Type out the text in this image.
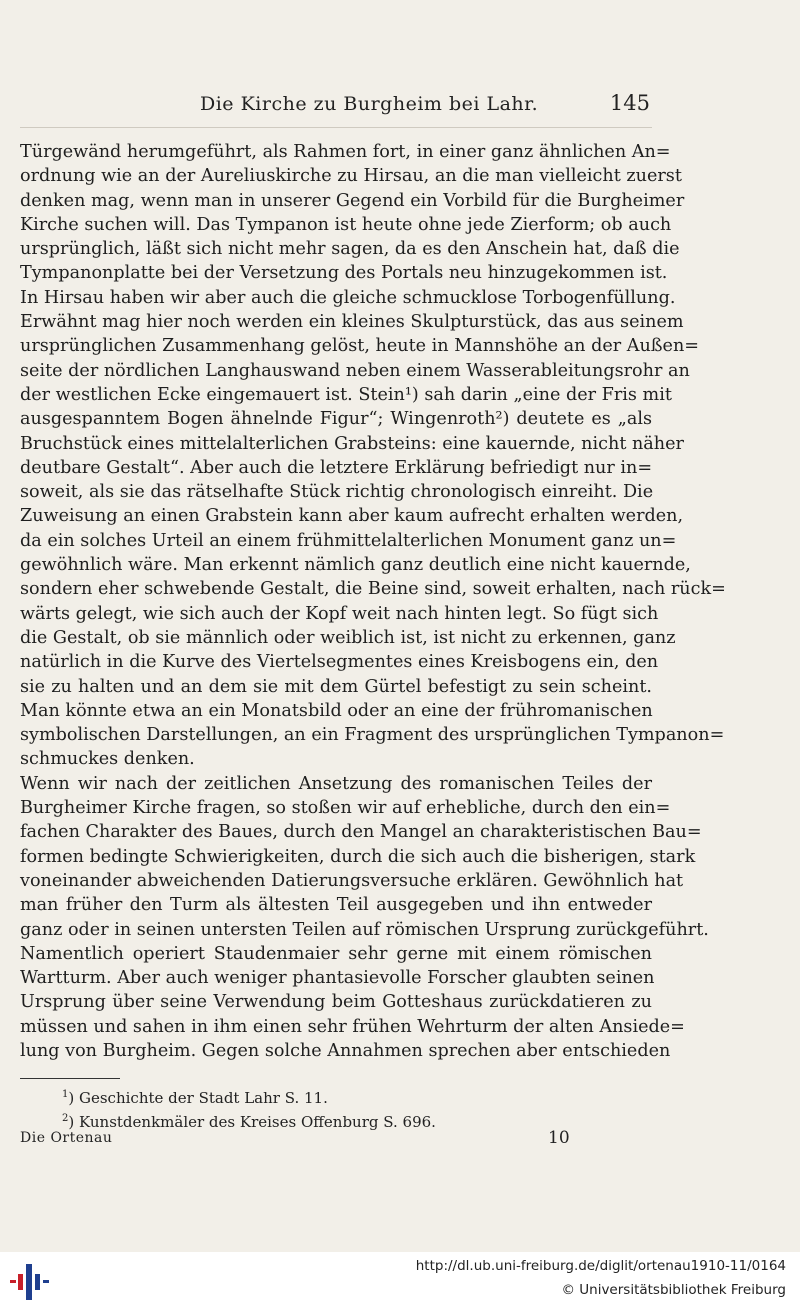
Die Kirche zu Burgheim bei Lahr.	145
Türgewänd herumgeführt, als Rahmen fort, in einer ganz ähnlichen An=
ordnung wie an der Aureliuskirche zu Hirsau, an die man vielleicht zuerst
denken mag, wenn man in unserer Gegend ein Vorbild für die Burgheimer
Kirche suchen will. Das Tympanon ist heute ohne jede Zierform; ob auch
ursprünglich, läßt sich nicht mehr sagen, da es den Anschein hat, daß die
Tympanonplatte bei der Versetzung des Portals neu hinzugekommen ist.
In Hirsau haben wir aber auch die gleiche schmucklose Torbogenfüllung.
Erwähnt mag hier noch werden ein kleines Skulpturstück, das aus seinem
ursprünglichen Zusammenhang gelöst, heute in Mannshöhe an der Außen=
seite der nördlichen Langhauswand neben einem Wasserableitungsrohr an
der westlichen Ecke eingemauert ist. Stein¹) sah darin „eine der Fris mit
ausgespanntem Bogen ähnelnde Figur“; Wingenroth²) deutete es „als
Bruchstück eines mittelalterlichen Grabsteins: eine kauernde, nicht näher
deutbare Gestalt“. Aber auch die letztere Erklärung befriedigt nur in=
soweit, als sie das rätselhafte Stück richtig chronologisch einreiht. Die
Zuweisung an einen Grabstein kann aber kaum aufrecht erhalten werden,
da ein solches Urteil an einem frühmittelalterlichen Monument ganz un=
gewöhnlich wäre. Man erkennt nämlich ganz deutlich eine nicht kauernde,
sondern eher schwebende Gestalt, die Beine sind, soweit erhalten, nach rück=
wärts gelegt, wie sich auch der Kopf weit nach hinten legt. So fügt sich
die Gestalt, ob sie männlich oder weiblich ist, ist nicht zu erkennen, ganz
natürlich in die Kurve des Viertelsegmentes eines Kreisbogens ein, den
sie zu halten und an dem sie mit dem Gürtel befestigt zu sein scheint.
Man könnte etwa an ein Monatsbild oder an eine der frühromanischen
symbolischen Darstellungen, an ein Fragment des ursprünglichen Tympanon=
schmuckes denken.
Wenn wir nach der zeitlichen Ansetzung des romanischen Teiles der
Burgheimer Kirche fragen, so stoßen wir auf erhebliche, durch den ein=
fachen Charakter des Baues, durch den Mangel an charakteristischen Bau=
formen bedingte Schwierigkeiten, durch die sich auch die bisherigen, stark
voneinander abweichenden Datierungsversuche erklären. Gewöhnlich hat
man früher den Turm als ältesten Teil ausgegeben und ihn entweder
ganz oder in seinen untersten Teilen auf römischen Ursprung zurückgeführt.
Namentlich operiert Staudenmaier sehr gerne mit einem römischen
Wartturm. Aber auch weniger phantasievolle Forscher glaubten seinen
Ursprung über seine Verwendung beim Gotteshaus zurückdatieren zu
müssen und sahen in ihm einen sehr frühen Wehrturm der alten Ansiede=
lung von Burgheim. Gegen solche Annahmen sprechen aber entschieden
$^1$) Geschichte der Stadt Lahr S. 11.
$^2$) Kunstdenkmäler des Kreises Offenburg S. 696.
Die Ortenau	10
http://dl.ub.uni-freiburg.de/diglit/ortenau1910-11/0164
© Universitätsbibliothek Freiburg
